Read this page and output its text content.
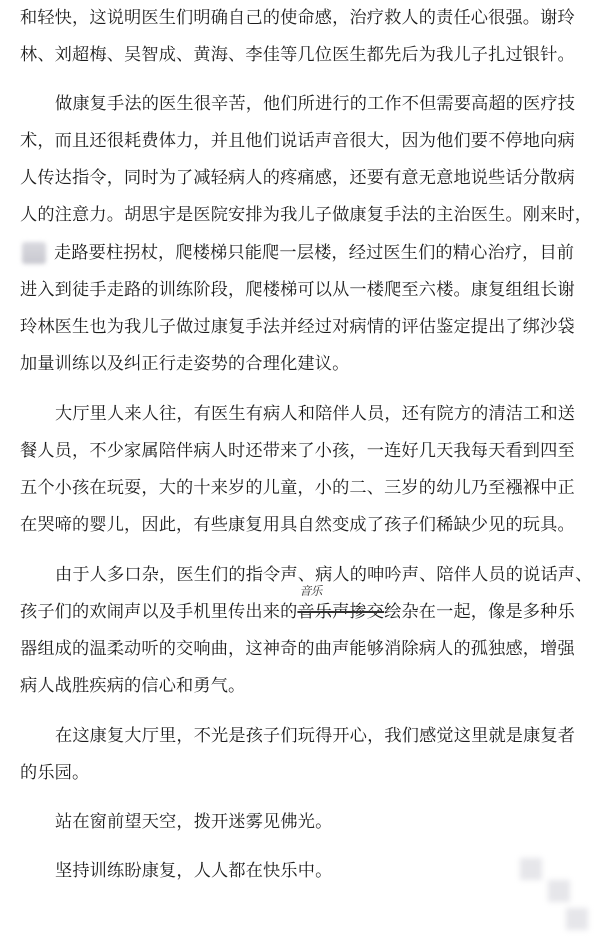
和轻快，这说明医生们明确自己的使命感，治疗救人的责任心很强。谢玲
林、刘超梅、吴智成、黄海、李佳等几位医生都先后为我儿子扎过银针。
做康复手法的医生很辛苦，他们所进行的工作不但需要高超的医疗技
术，而且还很耗费体力，并且他们说话声音很大，因为他们要不停地向病
人传达指令，同时为了减轻病人的疼痛感，还要有意无意地说些话分散病
人的注意力。胡思宇是医院安排为我儿子做康复手法的主治医生。刚来时，
走路要柱拐杖，爬楼梯只能爬一层楼，经过医生们的精心治疗，目前
进入到徒手走路的训练阶段，爬楼梯可以从一楼爬至六楼。康复组组长谢
玲林医生也为我儿子做过康复手法并经过对病情的评估鉴定提出了绑沙袋
加量训练以及纠正行走姿势的合理化建议。
大厅里人来人往，有医生有病人和陪伴人员，还有院方的清洁工和送
餐人员，不少家属陪伴病人时还带来了小孩，一连好几天我每天看到四至
五个小孩在玩耍，大的十来岁的儿童，小的二、三岁的幼儿乃至襁褓中正
在哭啼的婴儿，因此，有些康复用具自然变成了孩子们稀缺少见的玩具。
由于人多口杂，医生们的指令声、病人的呻吟声、陪伴人员的说话声、
孩子们的欢闹声以及手机里传出来的
音乐
音乐声掺交绘杂在一起，像是多种乐
器组成的温柔动听的交响曲，这神奇的曲声能够消除病人的孤独感，增强
病人战胜疾病的信心和勇气。
在这康复大厅里，不光是孩子们玩得开心，我们感觉这里就是康复者
的乐园。
站在窗前望天空，拨开迷雾见佛光。
坚持训练盼康复，人人都在快乐中。
